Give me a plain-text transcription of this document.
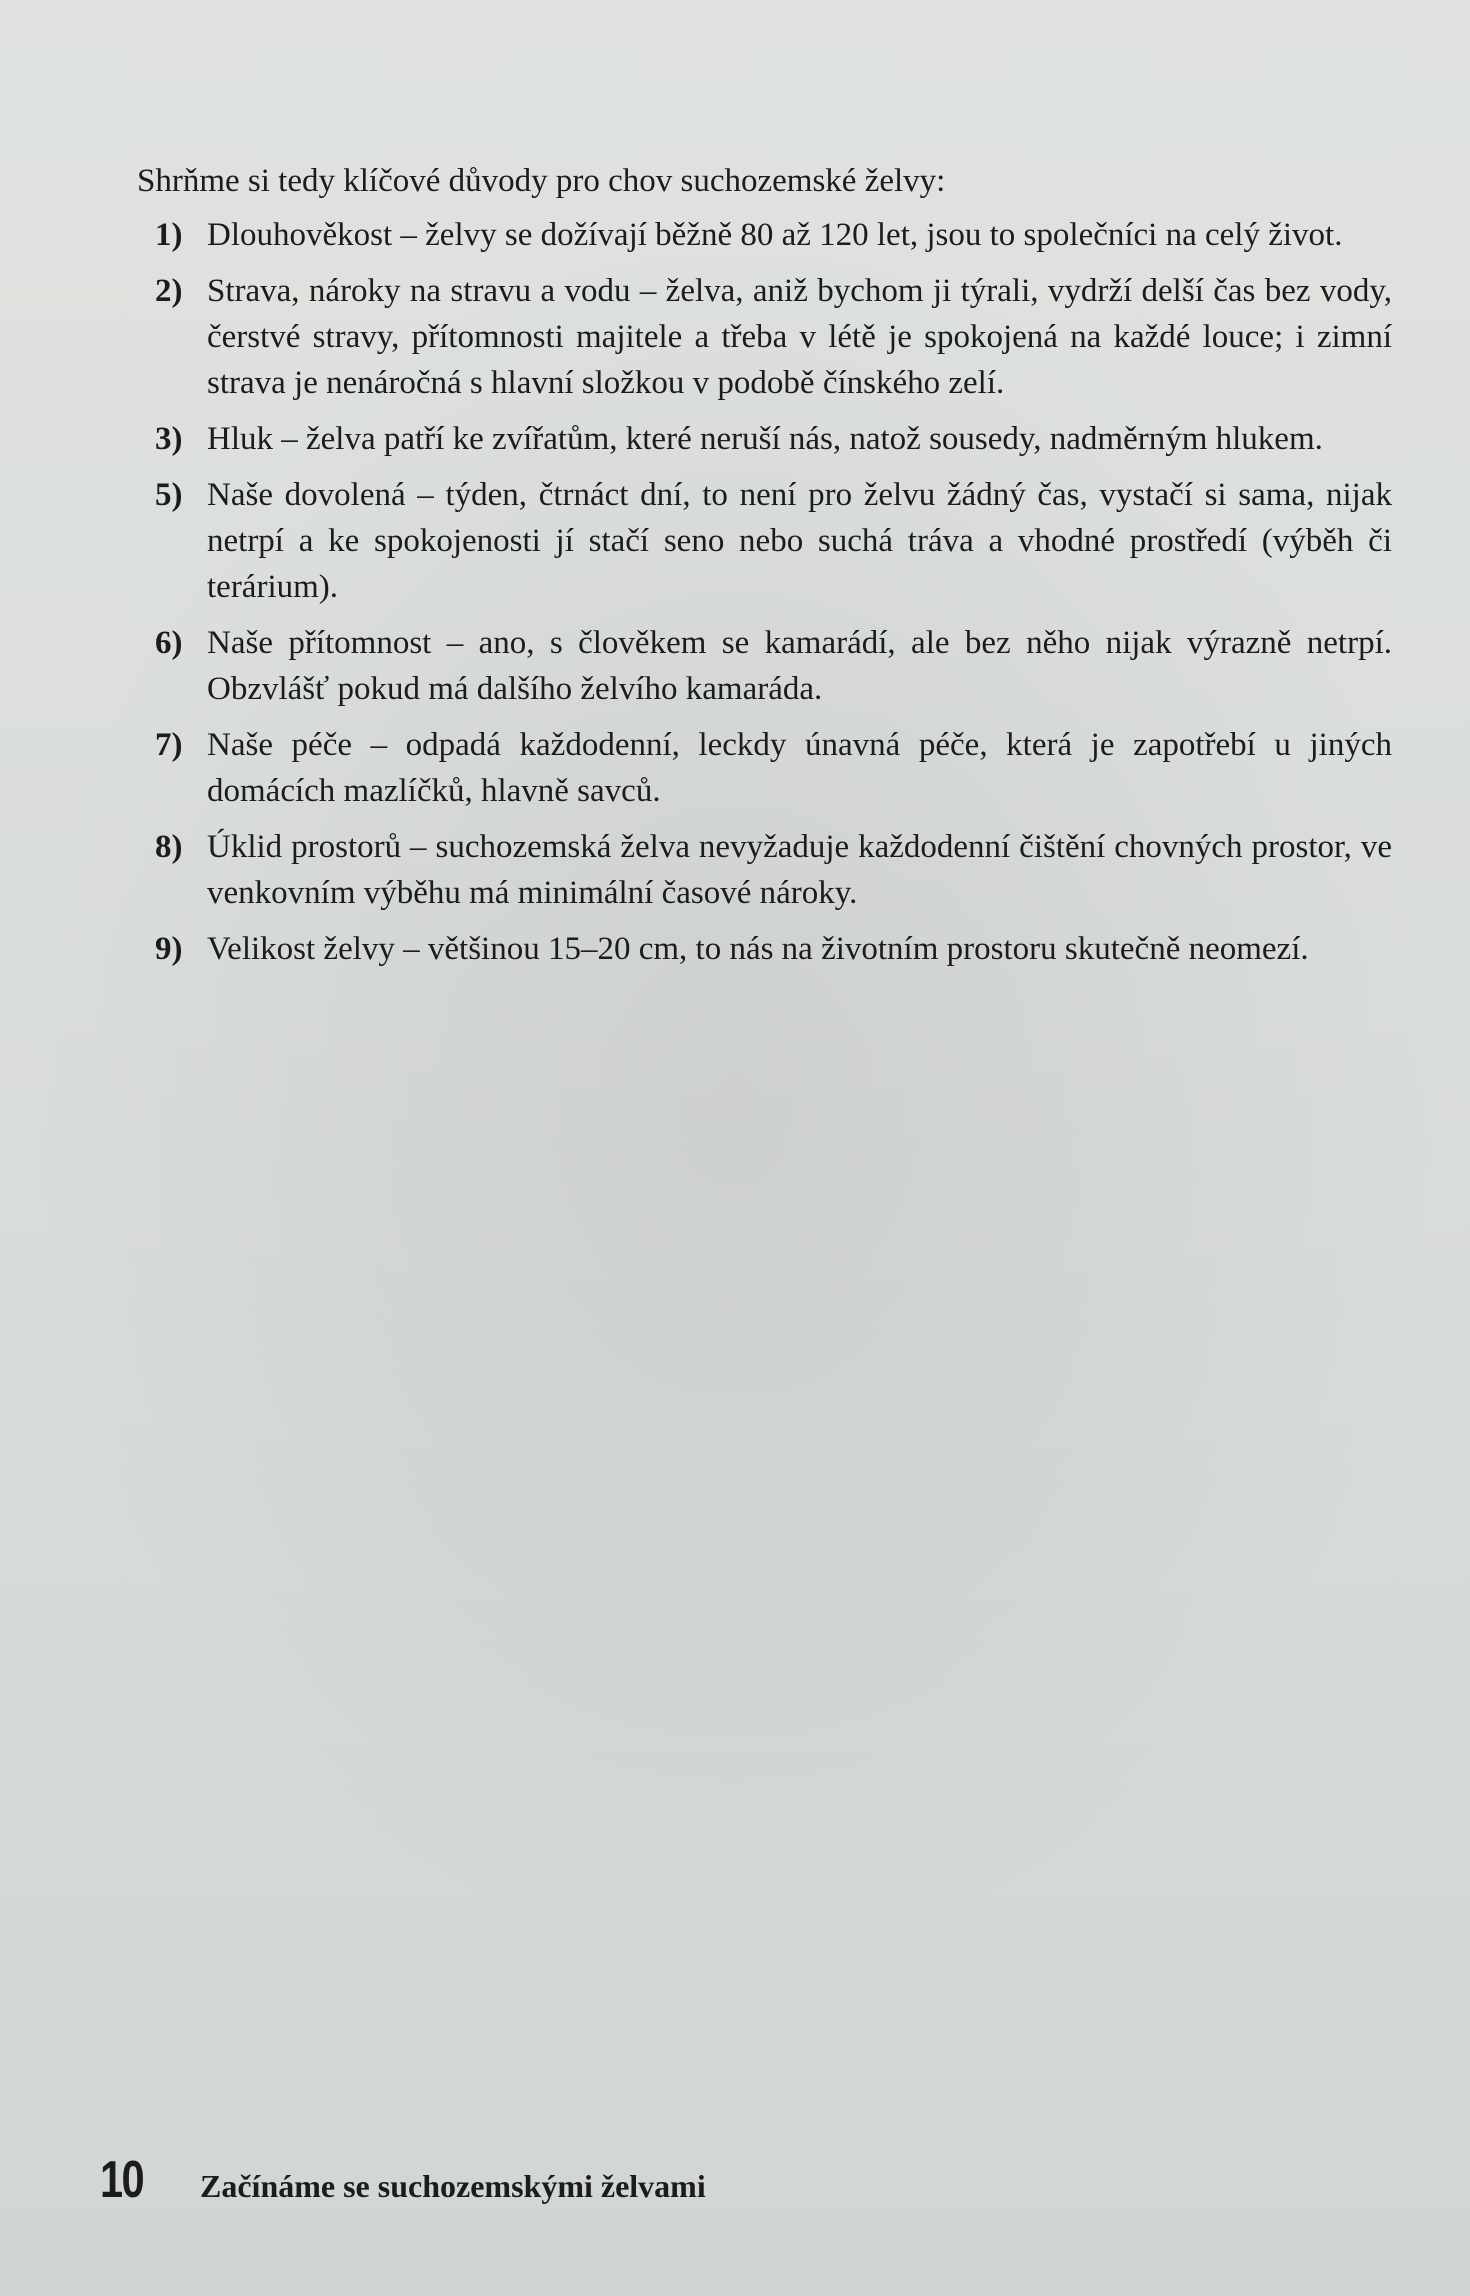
Shrňme si tedy klíčové důvody pro chov suchozemské želvy:

1) Dlouhověkost – želvy se dožívají běžně 80 až 120 let, jsou to společníci na celý život.
2) Strava, nároky na stravu a vodu – želva, aniž bychom ji týrali, vydrží delší čas bez vody, čerstvé stravy, přítomnosti majitele a třeba v létě je spokojená na každé louce; i zimní strava je nenáročná s hlavní složkou v podobě čínského zelí.
3) Hluk – želva patří ke zvířatům, které neruší nás, natož sousedy, nadměrným hlukem.
5) Naše dovolená – týden, čtrnáct dní, to není pro želvu žádný čas, vystačí si sama, nijak netrpí a ke spokojenosti jí stačí seno nebo suchá tráva a vhodné prostředí (výběh či terárium).
6) Naše přítomnost – ano, s člověkem se kamarádí, ale bez něho nijak výrazně netrpí. Obzvlášť pokud má dalšího želvího kamaráda.
7) Naše péče – odpadá každodenní, leckdy únavná péče, která je zapotřebí u jiných domácích mazlíčků, hlavně savců.
8) Úklid prostorů – suchozemská želva nevyžaduje každodenní čištění chovných prostor, ve venkovním výběhu má minimální časové nároky.
9) Velikost želvy – většinou 15–20 cm, to nás na životním prostoru skutečně neomezí.
10	Začínáme se suchozemskými želvami
